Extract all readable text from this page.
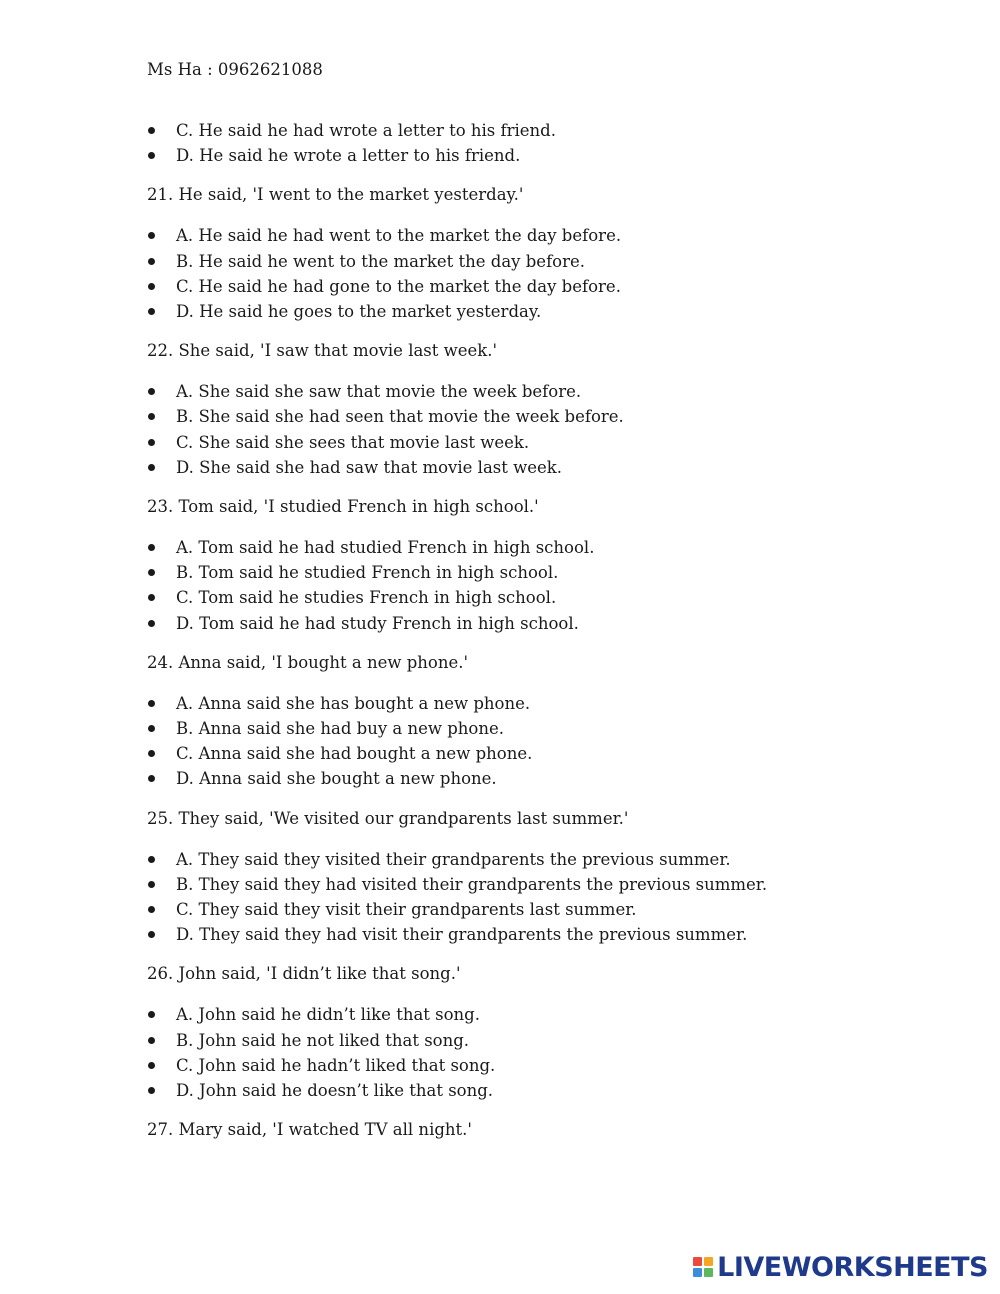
Ms Ha : 0962621088
C. He said he had wrote a letter to his friend.
D. He said he wrote a letter to his friend.
21. He said, 'I went to the market yesterday.'
A. He said he had went to the market the day before.
B. He said he went to the market the day before.
C. He said he had gone to the market the day before.
D. He said he goes to the market yesterday.
22. She said, 'I saw that movie last week.'
A. She said she saw that movie the week before.
B. She said she had seen that movie the week before.
C. She said she sees that movie last week.
D. She said she had saw that movie last week.
23. Tom said, 'I studied French in high school.'
A. Tom said he had studied French in high school.
B. Tom said he studied French in high school.
C. Tom said he studies French in high school.
D. Tom said he had study French in high school.
24. Anna said, 'I bought a new phone.'
A. Anna said she has bought a new phone.
B. Anna said she had buy a new phone.
C. Anna said she had bought a new phone.
D. Anna said she bought a new phone.
25. They said, 'We visited our grandparents last summer.'
A. They said they visited their grandparents the previous summer.
B. They said they had visited their grandparents the previous summer.
C. They said they visit their grandparents last summer.
D. They said they had visit their grandparents the previous summer.
26. John said, 'I didn’t like that song.'
A. John said he didn’t like that song.
B. John said he not liked that song.
C. John said he hadn’t liked that song.
D. John said he doesn’t like that song.
27. Mary said, 'I watched TV all night.'
LIVEWORKSHEETS
